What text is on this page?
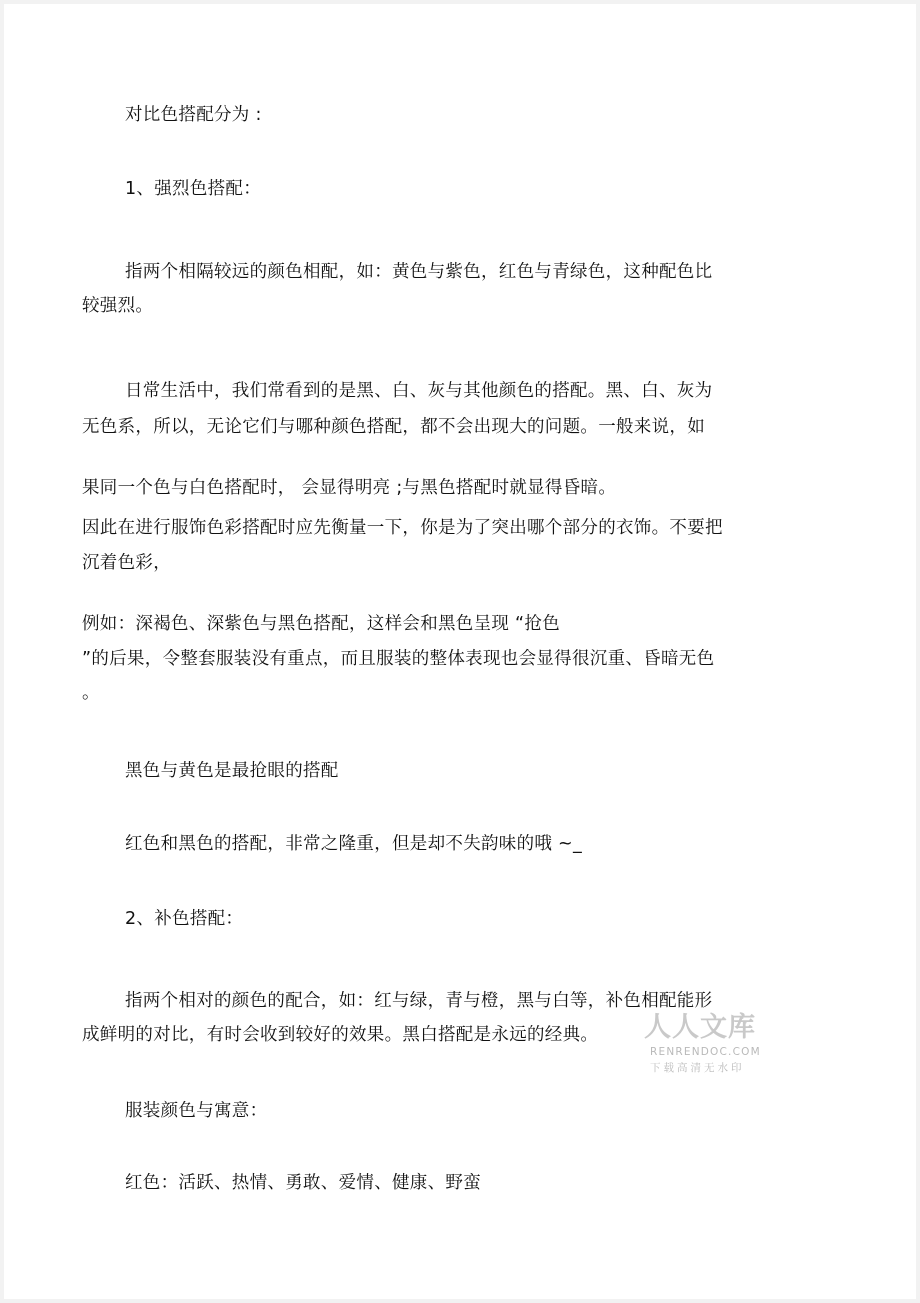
对比色搭配分为 :

1、强烈色搭配：

指两个相隔较远的颜色相配，如：黄色与紫色，红色与青绿色，这种配色比

较强烈。

日常生活中，我们常看到的是黑、白、灰与其他颜色的搭配。黑、白、灰为

无色系，所以，无论它们与哪种颜色搭配，都不会出现大的问题。一般来说，如

果同一个色与白色搭配时， 会显得明亮 ;与黑色搭配时就显得昏暗。

因此在进行服饰色彩搭配时应先衡量一下，你是为了突出哪个部分的衣饰。不要把

沉着色彩，

例如：深褐色、深紫色与黑色搭配，这样会和黑色呈现 “抢色

”的后果，令整套服装没有重点，而且服装的整体表现也会显得很沉重、昏暗无色

。

黑色与黄色是最抢眼的搭配

红色和黑色的搭配，非常之隆重，但是却不失韵味的哦 ~_

2、补色搭配：

指两个相对的颜色的配合，如：红与绿，青与橙，黑与白等，补色相配能形

成鲜明的对比，有时会收到较好的效果。黑白搭配是永远的经典。

服装颜色与寓意：

红色：活跃、热情、勇敢、爱情、健康、野蛮

人人文库
RENRENDOC.COM
下载高清无水印
